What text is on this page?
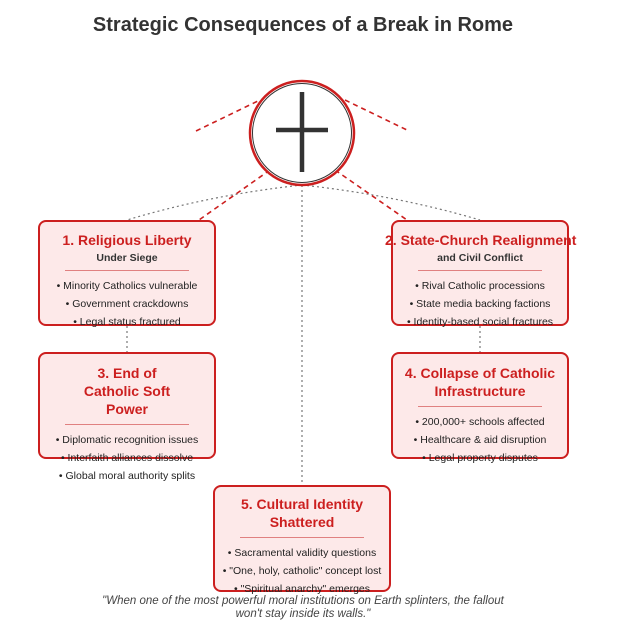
Strategic Consequences of a Break in Rome
1. Religious Liberty
Under Siege
• Minority Catholics vulnerable
• Government crackdowns
• Legal status fractured
2. State-Church Realignment
and Civil Conflict
• Rival Catholic processions
• State media backing factions
• Identity-based social fractures
3. End of Catholic Soft Power
• Diplomatic recognition issues
• Interfaith alliances dissolve
• Global moral authority splits
4. Collapse of Catholic Infrastructure
• 200,000+ schools affected
• Healthcare & aid disruption
• Legal property disputes
5. Cultural Identity Shattered
• Sacramental validity questions
• "One, holy, catholic" concept lost
• "Spiritual anarchy" emerges
"When one of the most powerful moral institutions on Earth splinters, the fallout won't stay inside its walls."
